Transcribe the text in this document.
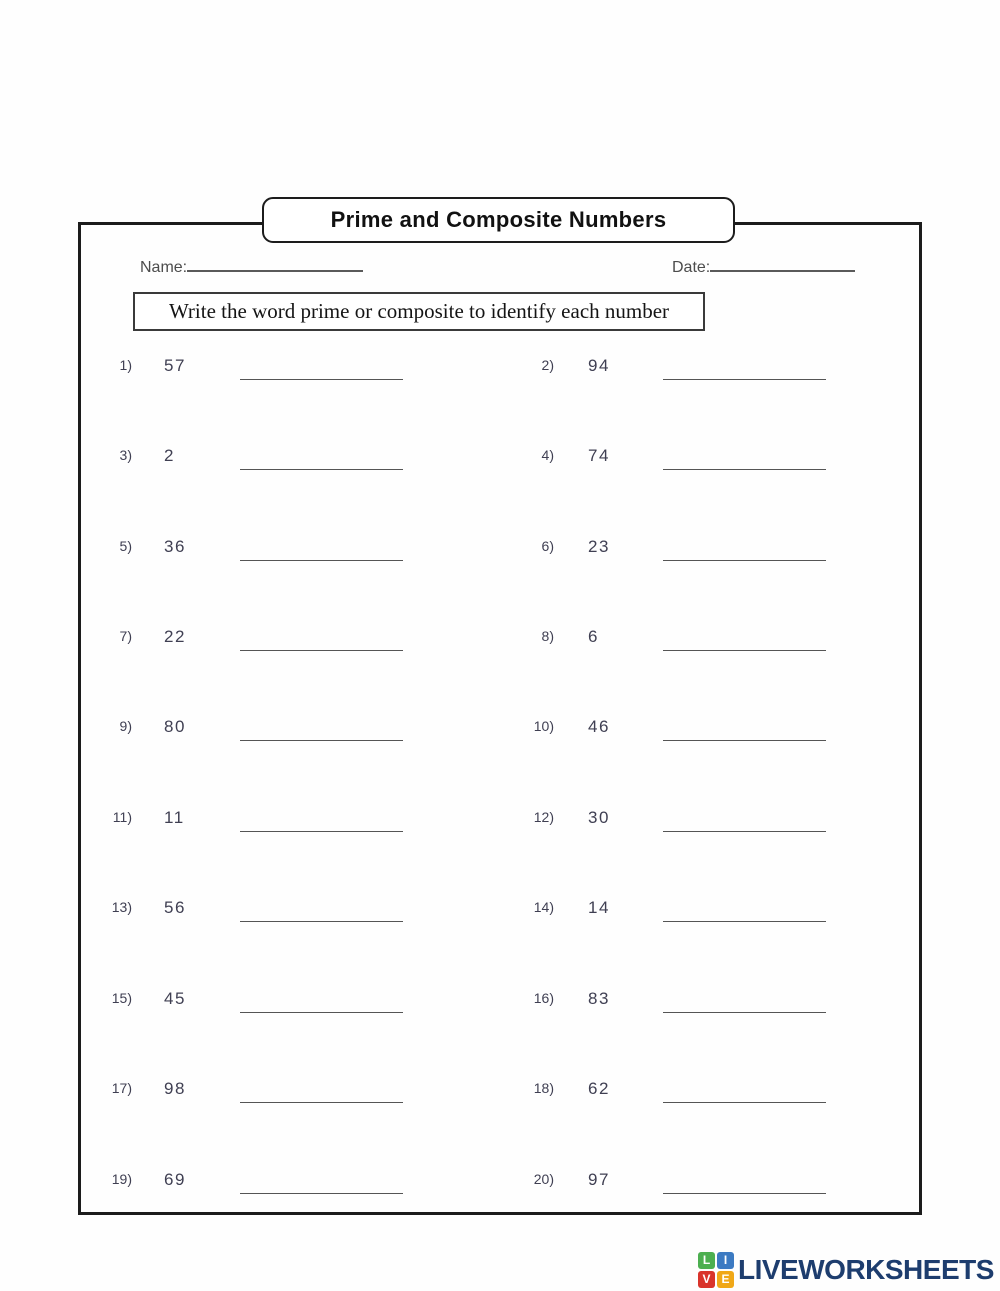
Prime and Composite Numbers
Name:	Date:
Write the word prime or composite to identify each number
1) 57	2) 94
3) 2	4) 74
5) 36	6) 23
7) 22	8) 6
9) 80	10) 46
11) 11	12) 30
13) 56	14) 14
15) 45	16) 83
17) 98	18) 62
19) 69	20) 97
L	I
V E LIVEWORKSHEETS
